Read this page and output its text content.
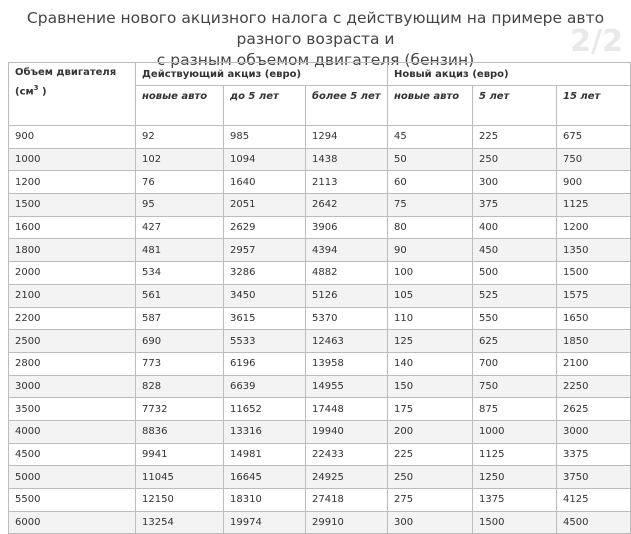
Сравнение нового акцизного налога с действующим на примере авто разного возраста и
с разным объемом двигателя (бензин)
2/2
Объем двигателя
($см^3$ )	Действующий акциз (евро)			Новый акциз (евро)		
	новые авто	до 5 лет	более 5 лет	новые авто	5 лет	15 лет
900	92	985	1294	45	225	675
1000	102	1094	1438	50	250	750
1200	76	1640	2113	60	300	900
1500	95	2051	2642	75	375	1125
1600	427	2629	3906	80	400	1200
1800	481	2957	4394	90	450	1350
2000	534	3286	4882	100	500	1500
2100	561	3450	5126	105	525	1575
2200	587	3615	5370	110	550	1650
2500	690	5533	12463	125	625	1850
2800	773	6196	13958	140	700	2100
3000	828	6639	14955	150	750	2250
3500	7732	11652	17448	175	875	2625
4000	8836	13316	19940	200	1000	3000
4500	9941	14981	22433	225	1125	3375
5000	11045	16645	24925	250	1250	3750
5500	12150	18310	27418	275	1375	4125
6000	13254	19974	29910	300	1500	4500
